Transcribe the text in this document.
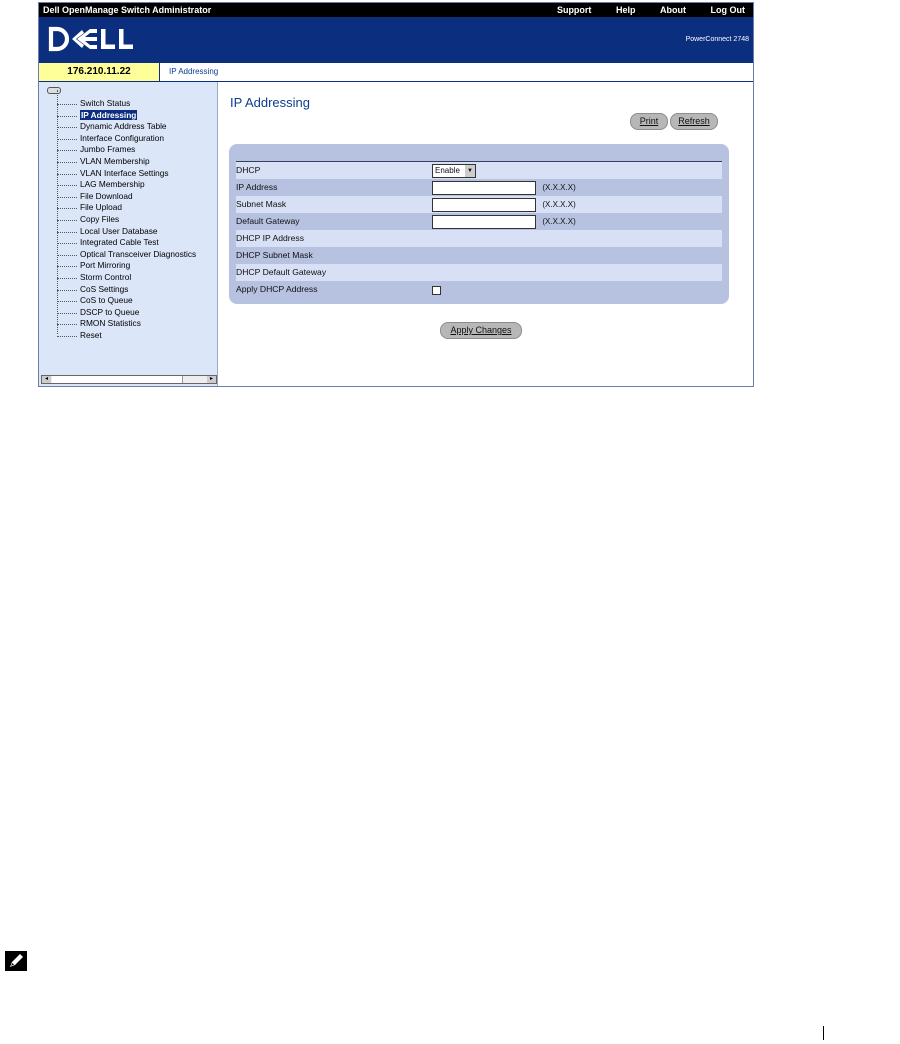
Dell OpenManage Switch Administrator	Support	Help	About	Log Out
PowerConnect 2748
176.210.11.22	IP Addressing
Switch Status
IP Addressing
Dynamic Address Table
Interface Configuration
Jumbo Frames
VLAN Membership
VLAN Interface Settings
LAG Membership
File Download
File Upload
Copy Files
Local User Database
Integrated Cable Test
Optical Transceiver Diagnostics
Port Mirroring
Storm Control
CoS Settings
CoS to Queue
DSCP to Queue
RMON Statistics
Reset
◂	▸
IP Addressing
Print	Refresh
DHCP	Enable	▼
IP Address	(X.X.X.X)
Subnet Mask	(X.X.X.X)
Default Gateway	(X.X.X.X)
DHCP IP Address
DHCP Subnet Mask
DHCP Default Gateway
Apply DHCP Address
Apply Changes
